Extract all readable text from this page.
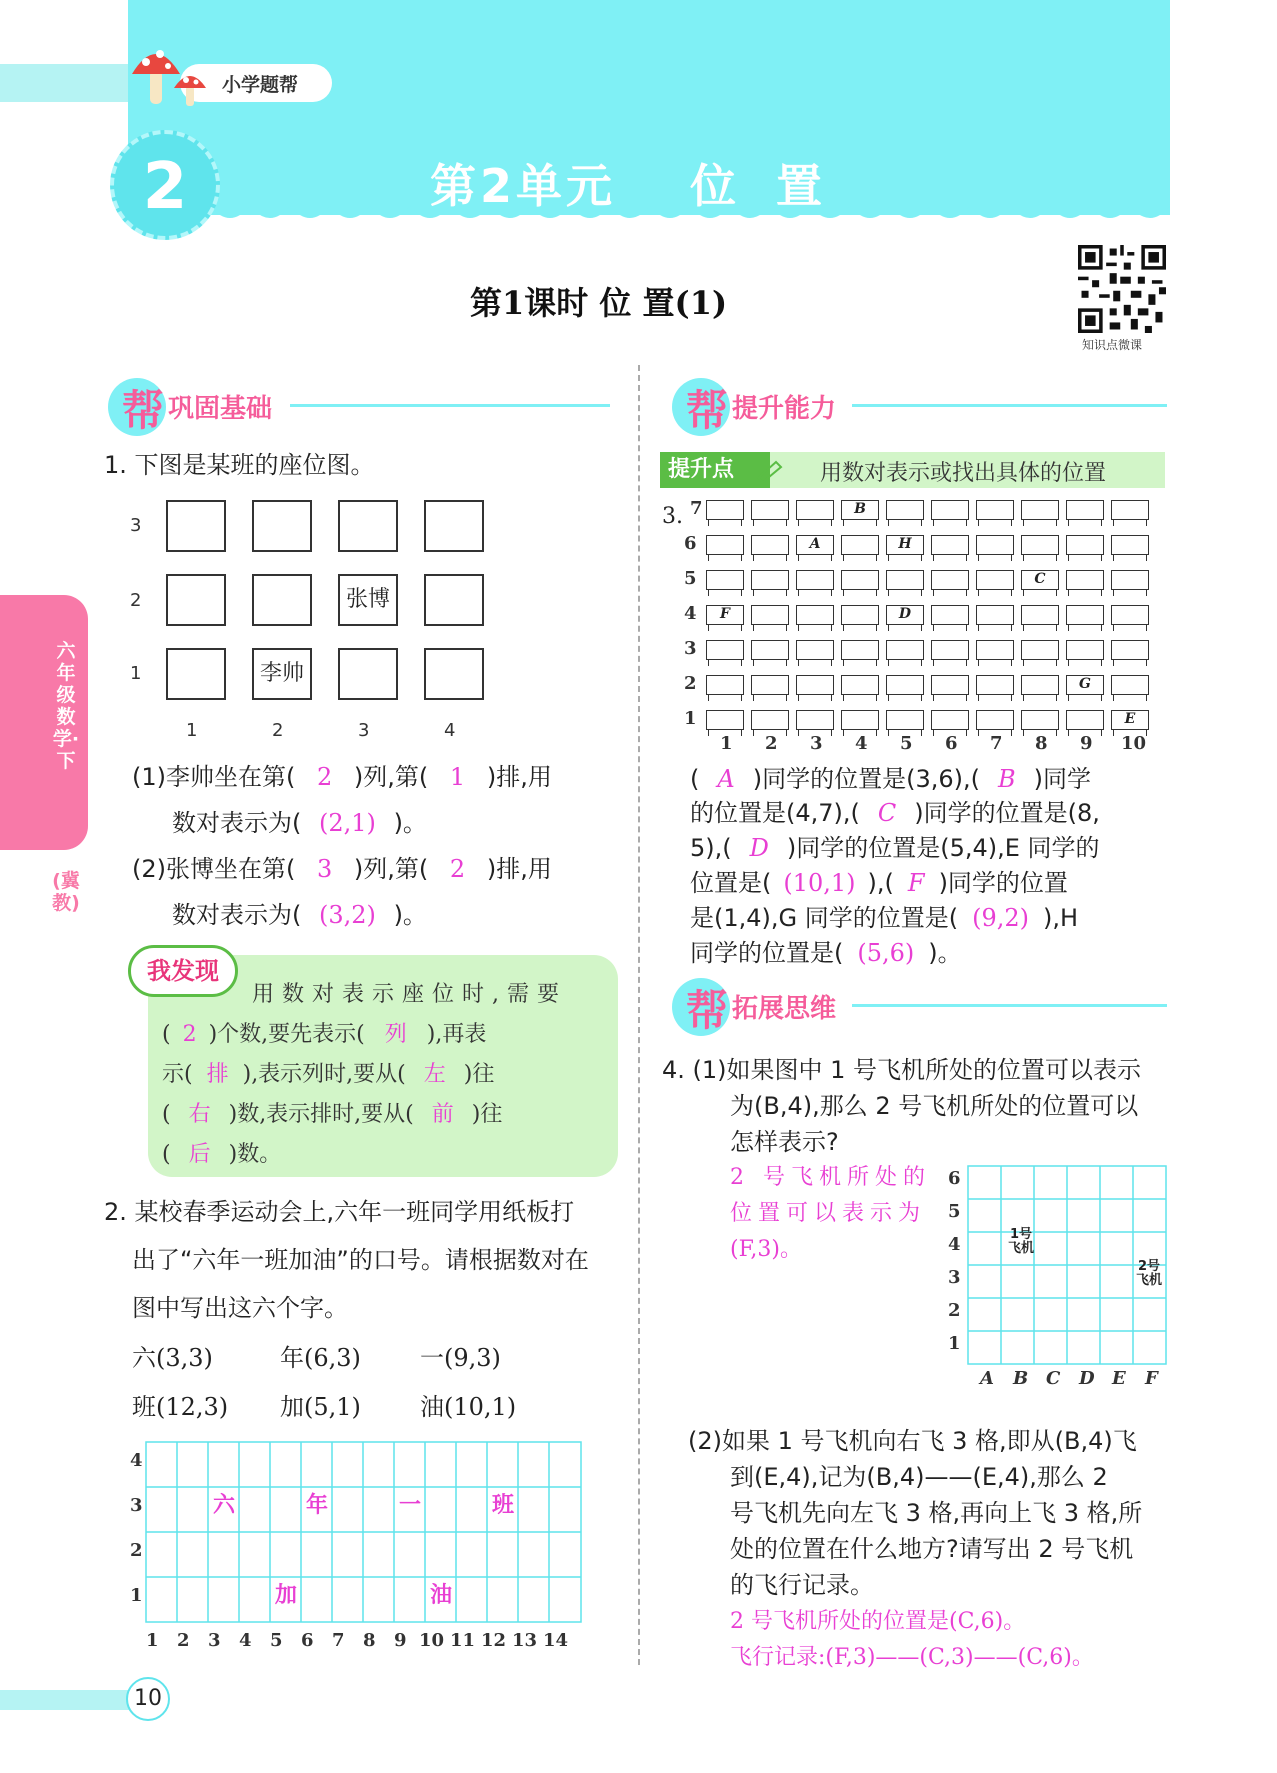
小学题帮
2	第2单元 位置
第1课时 位 置(1)
知识点微课
六年级数学·下
(冀教)
帮 巩固基础
1. 下图是某班的座位图。
3
2
1
张博
李帅
1	2	3	4
(1)李帅坐在第( 2 )列,第( 1 )排,用
数对表示为( (2,1) )。
(2)张博坐在第( 3 )列,第( 2 )排,用
数对表示为( (3,2) )。
我发现
用数对表示座位时,需要
( 2 )个数,要先表示( 列 ),再表
示( 排 ),表示列时,要从( 左 )往
( 右 )数,表示排时,要从( 前 )往
( 后 )数。
2. 某校春季运动会上,六年一班同学用纸板打
出了“六年一班加油”的口号。请根据数对在
图中写出这六个字。
六(3,3)	年(6,3) 一(9,3)
班(12,3) 加(5,1) 油(10,1)
4
3
2
1
1 2 3 4 5 6 7 8 9 10 11 12 13 14
六	年	一	班
加	油
帮 提升能力
提升点	用数对表示或找出具体的位置
3. 7	B
6	A	H
5	C
4	F	D
3
2	G
1	E
1 2 3 4 5 6 7 8 9 10
( A )同学的位置是(3,6),( B )同学
的位置是(4,7),( C )同学的位置是(8,
5),( D )同学的位置是(5,4),E 同学的
位置是( (10,1) ),( F )同学的位置
是(1,4),G 同学的位置是( (9,2) ),H
同学的位置是( (5,6) )。
帮 拓展思维
4. (1)如果图中 1 号飞机所处的位置可以表示
为(B,4),那么 2 号飞机所处的位置可以
怎样表示?
2 号飞机所处的
位置可以表示为
(F,3)。
6
5
4
3
2
1
A B C D E F
1号飞机
2号飞机
(2)如果 1 号飞机向右飞 3 格,即从(B,4)飞
到(E,4),记为(B,4)——(E,4),那么 2
号飞机先向左飞 3 格,再向上飞 3 格,所
处的位置在什么地方?请写出 2 号飞机
的飞行记录。
2 号飞机所处的位置是(C,6)。
飞行记录:(F,3)——(C,3)——(C,6)。
10
